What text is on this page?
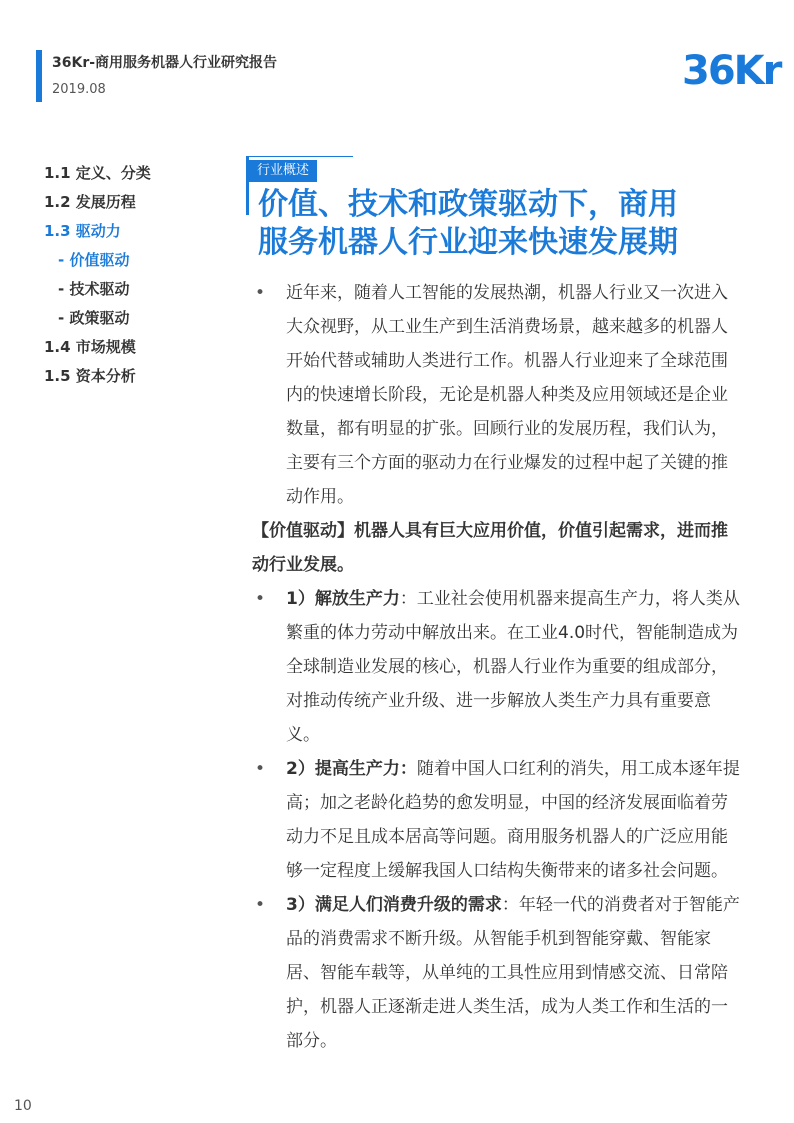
36Kr-商用服务机器人行业研究报告
2019.08	36Kr
1.1 定义、分类
1.2 发展历程
1.3 驱动力
- 价值驱动
- 技术驱动
- 政策驱动
1.4 市场规模
1.5 资本分析
行业概述
价值、技术和政策驱动下，商用
服务机器人行业迎来快速发展期

• 近年来，随着人工智能的发展热潮，机器人行业又一次进入大众视野，从工业生产到生活消费场景，越来越多的机器人开始代替或辅助人类进行工作。机器人行业迎来了全球范围内的快速增长阶段，无论是机器人种类及应用领域还是企业数量，都有明显的扩张。回顾行业的发展历程，我们认为，主要有三个方面的驱动力在行业爆发的过程中起了关键的推动作用。

【价值驱动】机器人具有巨大应用价值，价值引起需求，进而推动行业发展。

• 1）解放生产力：工业社会使用机器来提高生产力，将人类从繁重的体力劳动中解放出来。在工业4.0时代，智能制造成为全球制造业发展的核心，机器人行业作为重要的组成部分，对推动传统产业升级、进一步解放人类生产力具有重要意义。

• 2）提高生产力：随着中国人口红利的消失，用工成本逐年提高；加之老龄化趋势的愈发明显，中国的经济发展面临着劳动力不足且成本居高等问题。商用服务机器人的广泛应用能够一定程度上缓解我国人口结构失衡带来的诸多社会问题。

• 3）满足人们消费升级的需求：年轻一代的消费者对于智能产品的消费需求不断升级。从智能手机到智能穿戴、智能家居、智能车载等，从单纯的工具性应用到情感交流、日常陪护，机器人正逐渐走进人类生活，成为人类工作和生活的一部分。

10
